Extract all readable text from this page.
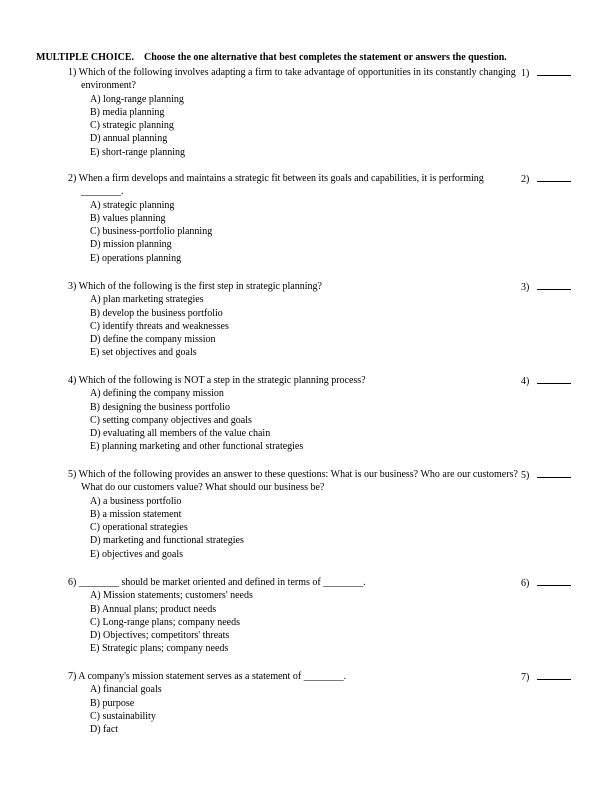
MULTIPLE CHOICE. Choose the one alternative that best completes the statement or answers the question.
1) Which of the following involves adapting a firm to take advantage of opportunities in its constantly changing environment?
1)
A) long-range planning
B) media planning
C) strategic planning
D) annual planning
E) short-range planning
2) When a firm develops and maintains a strategic fit between its goals and capabilities, it is performing ________.
2)
A) strategic planning
B) values planning
C) business-portfolio planning
D) mission planning
E) operations planning
3) Which of the following is the first step in strategic planning?	3)
A) plan marketing strategies
B) develop the business portfolio
C) identify threats and weaknesses
D) define the company mission
E) set objectives and goals
4) Which of the following is NOT a step in the strategic planning process?	4)
A) defining the company mission
B) designing the business portfolio
C) setting company objectives and goals
D) evaluating all members of the value chain
E) planning marketing and other functional strategies
5) Which of the following provides an answer to these questions: What is our business? Who are our customers? What do our customers value? What should our business be?
5)
A) a business portfolio
B) a mission statement
C) operational strategies
D) marketing and functional strategies
E) objectives and goals
6) ________ should be market oriented and defined in terms of ________.	6)
A) Mission statements; customers' needs
B) Annual plans; product needs
C) Long-range plans; company needs
D) Objectives; competitors' threats
E) Strategic plans; company needs
7) A company's mission statement serves as a statement of ________.	7)
A) financial goals
B) purpose
C) sustainability
D) fact
